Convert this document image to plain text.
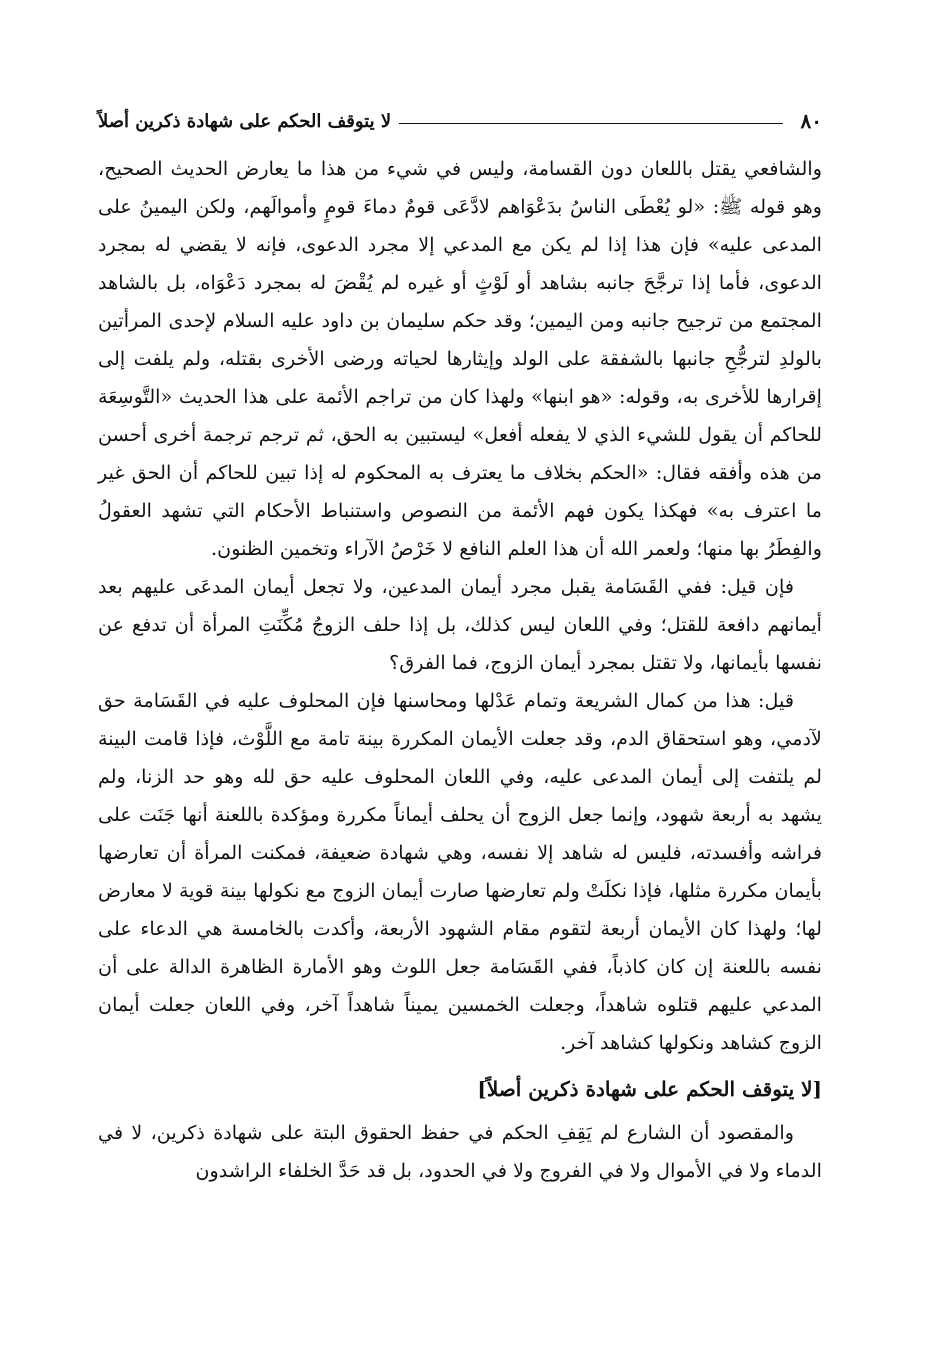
٨٠
لا يتوقف الحكم على شهادة ذكرين أصلاً

والشافعي يقتل باللعان دون القسامة، وليس في شيء من هذا ما يعارض الحديث الصحيح، وهو قوله ﷺ: «لو يُعْطَى الناسُ بدَعْوَاهم لادَّعَى قومٌ دماءَ قومٍ وأموالَهم، ولكن اليمينُ على المدعى عليه» فإن هذا إذا لم يكن مع المدعي إلا مجرد الدعوى، فإنه لا يقضي له بمجرد الدعوى، فأما إذا ترجَّحَ جانبه بشاهد أو لَوْثٍ أو غيره لم يُقْضَ له بمجرد دَعْوَاه، بل بالشاهد المجتمع من ترجيح جانبه ومن اليمين؛ وقد حكم سليمان بن داود عليه السلام لإحدى المرأتين بالولدِ لترجُّحِ جانبها بالشفقة على الولد وإيثارها لحياته ورضى الأخرى بقتله، ولم يلفت إلى إقرارها للأخرى به، وقوله: «هو ابنها» ولهذا كان من تراجم الأئمة على هذا الحديث «التَّوسِعَة للحاكم أن يقول للشيء الذي لا يفعله أفعل» ليستبين به الحق، ثم ترجم ترجمة أخرى أحسن من هذه وأفقه فقال: «الحكم بخلاف ما يعترف به المحكوم له إذا تبين للحاكم أن الحق غير ما اعترف به» فهكذا يكون فهم الأئمة من النصوص واستنباط الأحكام التي تشهد العقولُ والفِطَرُ بها منها؛ ولعمر الله أن هذا العلم النافع لا خَرْصُ الآراء وتخمين الظنون.

فإن قيل: ففي القَسَامة يقبل مجرد أيمان المدعين، ولا تجعل أيمان المدعَى عليهم بعد أيمانهم دافعة للقتل؛ وفي اللعان ليس كذلك، بل إذا حلف الزوجُ مُكِّنَتِ المرأة أن تدفع عن نفسها بأيمانها، ولا تقتل بمجرد أيمان الزوج، فما الفرق؟

قيل: هذا من كمال الشريعة وتمام عَدْلها ومحاسنها فإن المحلوف عليه في القَسَامة حق لآدمي، وهو استحقاق الدم، وقد جعلت الأيمان المكررة بينة تامة مع اللَّوْث، فإذا قامت البينة لم يلتفت إلى أيمان المدعى عليه، وفي اللعان المحلوف عليه حق لله وهو حد الزنا، ولم يشهد به أربعة شهود، وإنما جعل الزوج أن يحلف أيماناً مكررة ومؤكدة باللعنة أنها جَنَت على فراشه وأفسدته، فليس له شاهد إلا نفسه، وهي شهادة ضعيفة، فمكنت المرأة أن تعارضها بأيمان مكررة مثلها، فإذا نكلَتْ ولم تعارضها صارت أيمان الزوج مع نكولها بينة قوية لا معارض لها؛ ولهذا كان الأيمان أربعة لتقوم مقام الشهود الأربعة، وأكدت بالخامسة هي الدعاء على نفسه باللعنة إن كان كاذباً، ففي القَسَامة جعل اللوث وهو الأمارة الظاهرة الدالة على أن المدعي عليهم قتلوه شاهداً، وجعلت الخمسين يميناً شاهداً آخر، وفي اللعان جعلت أيمان الزوج كشاهد ونكولها كشاهد آخر.

[لا يتوقف الحكم على شهادة ذكرين أصلاً]

والمقصود أن الشارع لم يَقِفِ الحكم في حفظ الحقوق البتة على شهادة ذكرين، لا في الدماء ولا في الأموال ولا في الفروج ولا في الحدود، بل قد حَدَّ الخلفاء الراشدون
